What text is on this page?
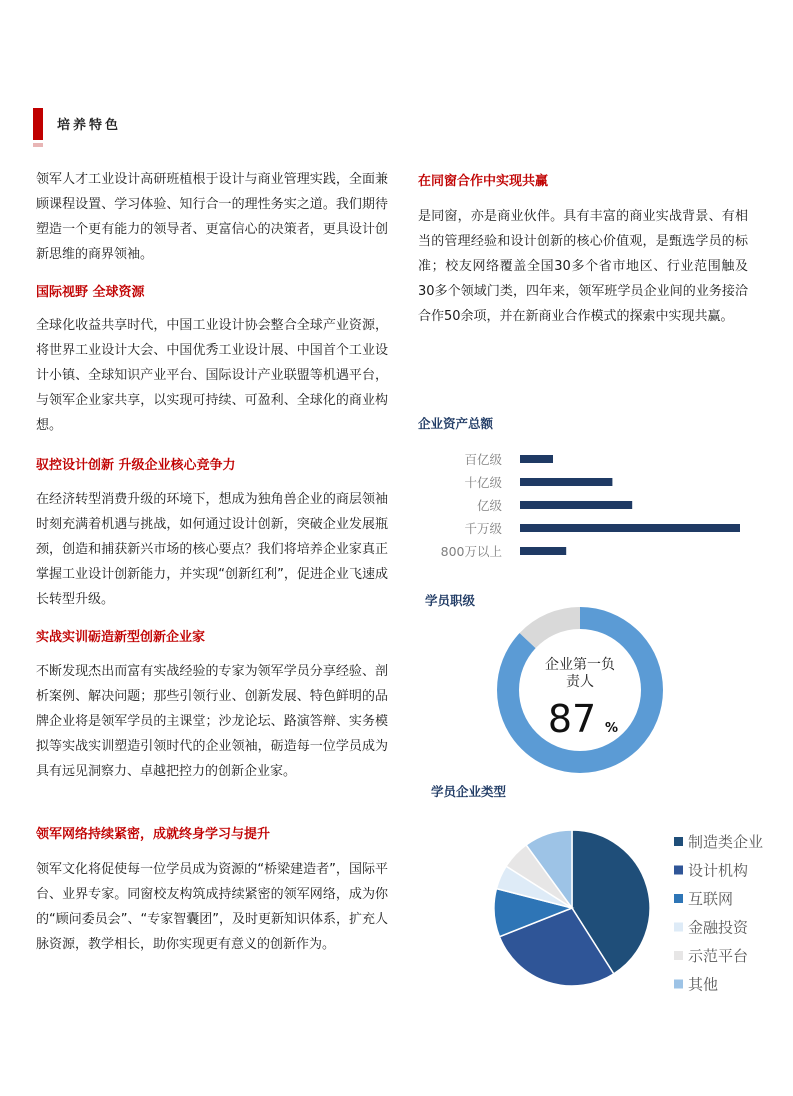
培养特色

领军人才工业设计高研班植根于设计与商业管理实践，全面兼顾课程设置、学习体验、知行合一的理性务实之道。我们期待塑造一个更有能力的领导者、更富信心的决策者，更具设计创新思维的商界领袖。

国际视野 全球资源

全球化收益共享时代，中国工业设计协会整合全球产业资源，将世界工业设计大会、中国优秀工业设计展、中国首个工业设计小镇、全球知识产业平台、国际设计产业联盟等机遇平台，与领军企业家共享，以实现可持续、可盈利、全球化的商业构想。

驭控设计创新 升级企业核心竞争力

在经济转型消费升级的环境下，想成为独角兽企业的商层领袖时刻充满着机遇与挑战，如何通过设计创新，突破企业发展瓶颈，创造和捕获新兴市场的核心要点？我们将培养企业家真正掌握工业设计创新能力，并实现“创新红利”，促进企业飞速成长转型升级。

实战实训砺造新型创新企业家

不断发现杰出而富有实战经验的专家为领军学员分享经验、剖析案例、解决问题；那些引领行业、创新发展、特色鲜明的品牌企业将是领军学员的主课堂；沙龙论坛、路演答辩、实务模拟等实战实训塑造引领时代的企业领袖，砺造每一位学员成为具有远见洞察力、卓越把控力的创新企业家。

领军网络持续紧密，成就终身学习与提升

领军文化将促使每一位学员成为资源的“桥梁建造者”，国际平台、业界专家。同窗校友构筑成持续紧密的领军网络，成为你的“顾问委员会”、“专家智囊团”，及时更新知识体系，扩充人脉资源，教学相长，助你实现更有意义的创新作为。

在同窗合作中实现共赢

是同窗，亦是商业伙伴。具有丰富的商业实战背景、有相当的管理经验和设计创新的核心价值观，是甄选学员的标准；校友网络覆盖全国30多个省市地区、行业范围触及30多个领域门类，四年来，领军班学员企业间的业务接洽合作50余项，并在新商业合作模式的探索中实现共赢。

企业资产总额
百亿级
十亿级
亿级
千万级
800万以上
学员职级
企业第一负
责人
87 %
学员企业类型
制造类企业
设计机构
互联网
金融投资
示范平台
其他
